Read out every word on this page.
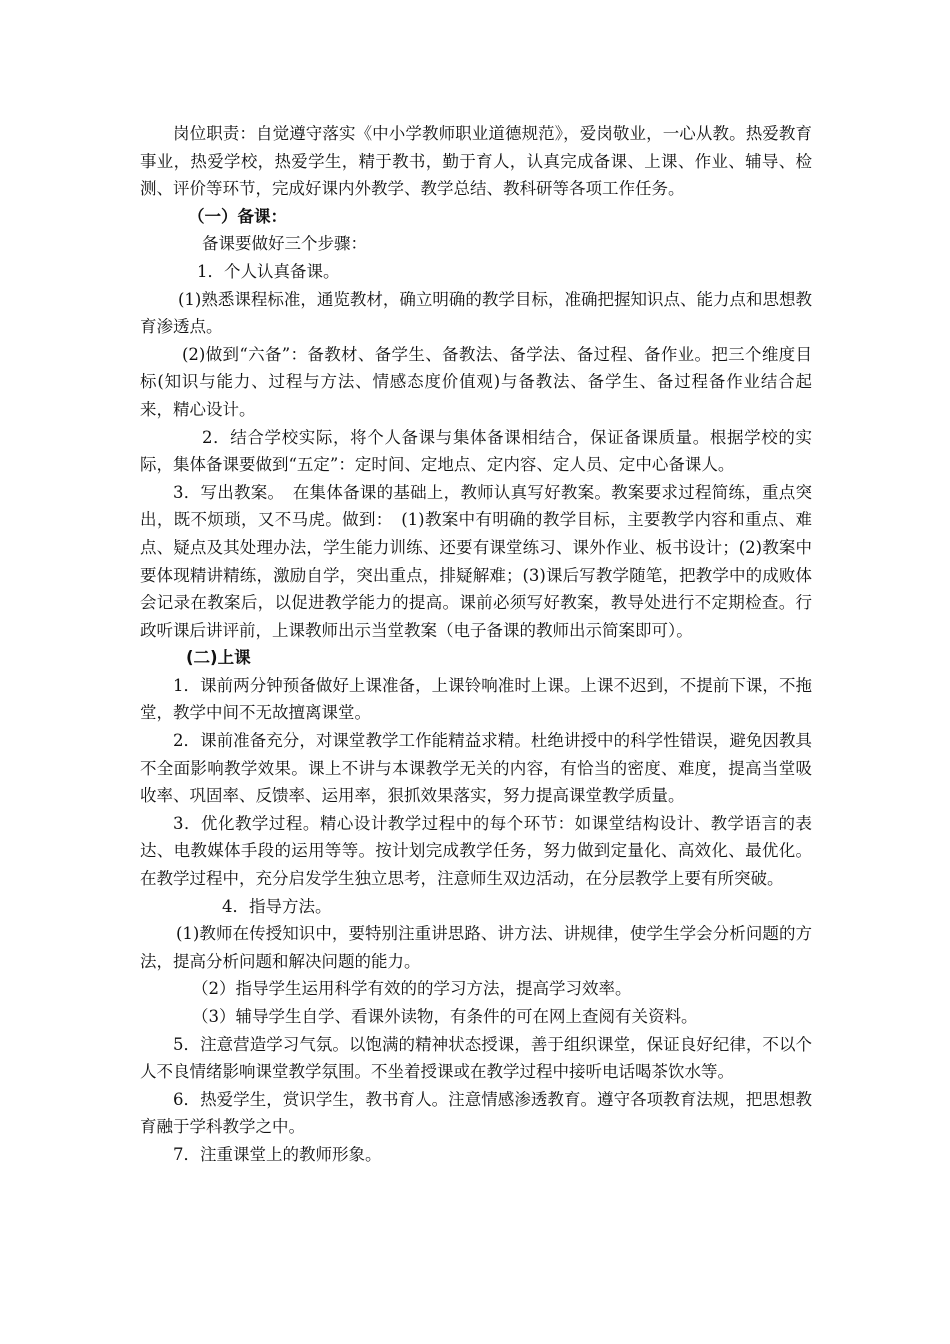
岗位职责：自觉遵守落实《中小学教师职业道德规范》，爱岗敬业，一心从教。热爱教育事业，热爱学校，热爱学生，精于教书，勤于育人，认真完成备课、上课、作业、辅导、检测、评价等环节，完成好课内外教学、教学总结、教科研等各项工作任务。

（一）备课：

备课要做好三个步骤：

1．个人认真备课。

(1)熟悉课程标准，通览教材，确立明确的教学目标，准确把握知识点、能力点和思想教育渗透点。

(2)做到“六备”：备教材、备学生、备教法、备学法、备过程、备作业。把三个维度目标(知识与能力、过程与方法、情感态度价值观)与备教法、备学生、备过程备作业结合起来，精心设计。

2．结合学校实际，将个人备课与集体备课相结合，保证备课质量。根据学校的实际，集体备课要做到“五定”：定时间、定地点、定内容、定人员、定中心备课人。

3．写出教案。　在集体备课的基础上，教师认真写好教案。教案要求过程简练，重点突出，既不烦琐，又不马虎。做到：　(1)教案中有明确的教学目标，主要教学内容和重点、难点、疑点及其处理办法，学生能力训练、还要有课堂练习、课外作业、板书设计；(2)教案中要体现精讲精练，激励自学，突出重点，排疑解难；(3)课后写教学随笔，把教学中的成败体会记录在教案后，以促进教学能力的提高。课前必须写好教案，教导处进行不定期检查。行政听课后讲评前，上课教师出示当堂教案（电子备课的教师出示简案即可）。

(二)上课

1．课前两分钟预备做好上课准备，上课铃响准时上课。上课不迟到，不提前下课，不拖堂，教学中间不无故擅离课堂。

2．课前准备充分，对课堂教学工作能精益求精。杜绝讲授中的科学性错误，避免因教具不全面影响教学效果。课上不讲与本课教学无关的内容，有恰当的密度、难度，提高当堂吸收率、巩固率、反馈率、运用率，狠抓效果落实，努力提高课堂教学质量。

3．优化教学过程。精心设计教学过程中的每个环节：如课堂结构设计、教学语言的表达、电教媒体手段的运用等等。按计划完成教学任务，努力做到定量化、高效化、最优化。在教学过程中，充分启发学生独立思考，注意师生双边活动，在分层教学上要有所突破。

4．指导方法。

(1)教师在传授知识中，要特别注重讲思路、讲方法、讲规律，使学生学会分析问题的方法，提高分析问题和解决问题的能力。

（2）指导学生运用科学有效的的学习方法，提高学习效率。

（3）辅导学生自学、看课外读物，有条件的可在网上查阅有关资料。

5．注意营造学习气氛。以饱满的精神状态授课，善于组织课堂，保证良好纪律，不以个人不良情绪影响课堂教学氛围。不坐着授课或在教学过程中接听电话喝茶饮水等。

6．热爱学生，赏识学生，教书育人。注意情感渗透教育。遵守各项教育法规，把思想教育融于学科教学之中。

7．注重课堂上的教师形象。
